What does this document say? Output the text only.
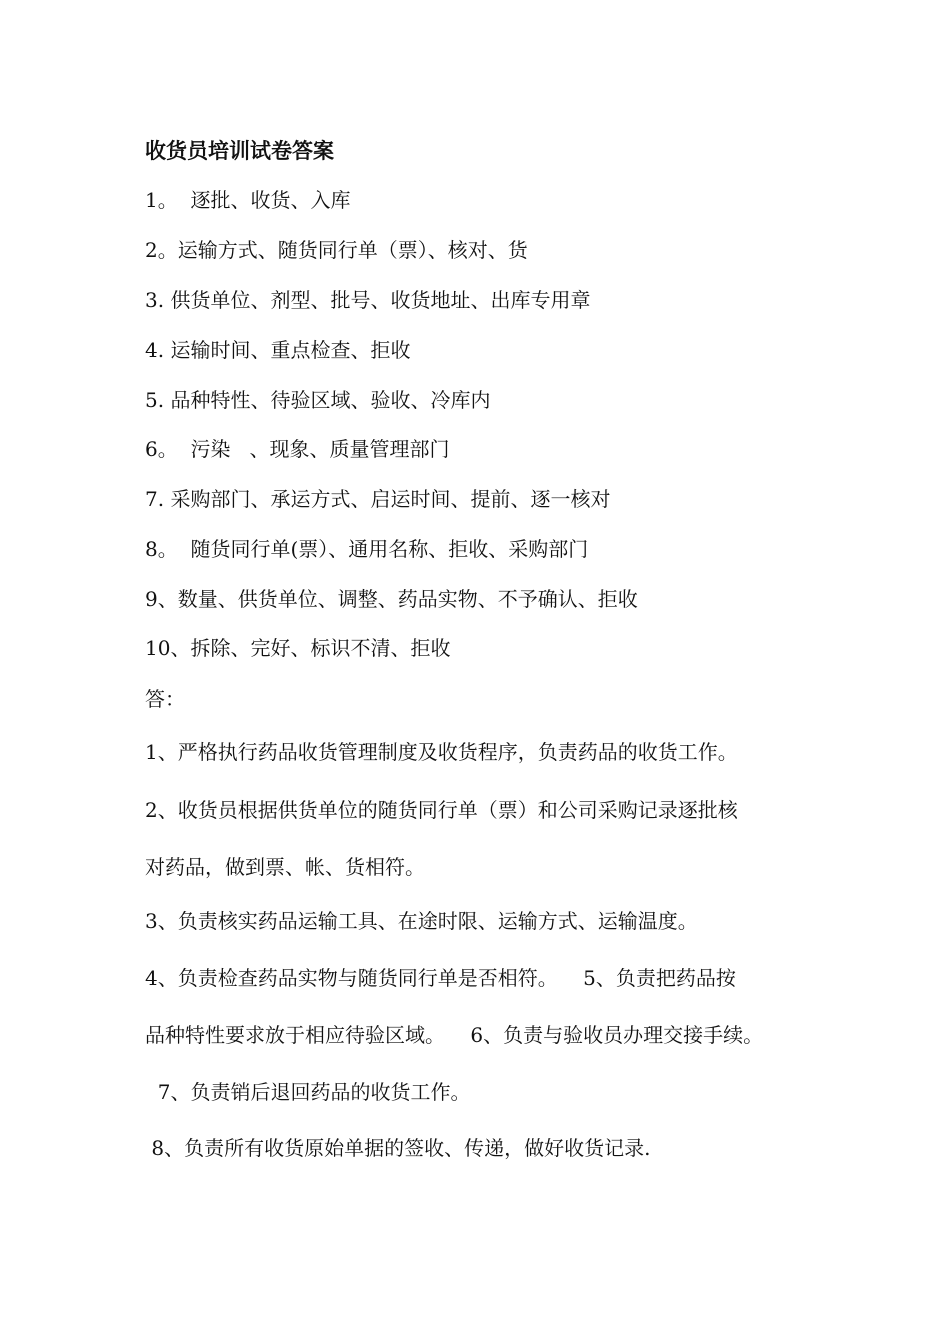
收货员培训试卷答案
1。  逐批、收货、入库
2。运输方式、随货同行单（票）、核对、货
3. 供货单位、剂型、批号、收货地址、出库专用章
4. 运输时间、重点检查、拒收
5. 品种特性、待验区域、验收、冷库内
6。  污染   、现象、质量管理部门
7. 采购部门、承运方式、启运时间、提前、逐一核对
8。  随货同行单(票）、通用名称、拒收、采购部门
9、数量、供货单位、调整、药品实物、不予确认、拒收
10、拆除、完好、标识不清、拒收
答：
1、严格执行药品收货管理制度及收货程序，负责药品的收货工作。
2、收货员根据供货单位的随货同行单（票）和公司采购记录逐批核
对药品，做到票、帐、货相符。
3、负责核实药品运输工具、在途时限、运输方式、运输温度。
4、负责检查药品实物与随货同行单是否相符。    5、负责把药品按
品种特性要求放于相应待验区域。    6、负责与验收员办理交接手续。
7、负责销后退回药品的收货工作。
8、负责所有收货原始单据的签收、传递，做好收货记录.
